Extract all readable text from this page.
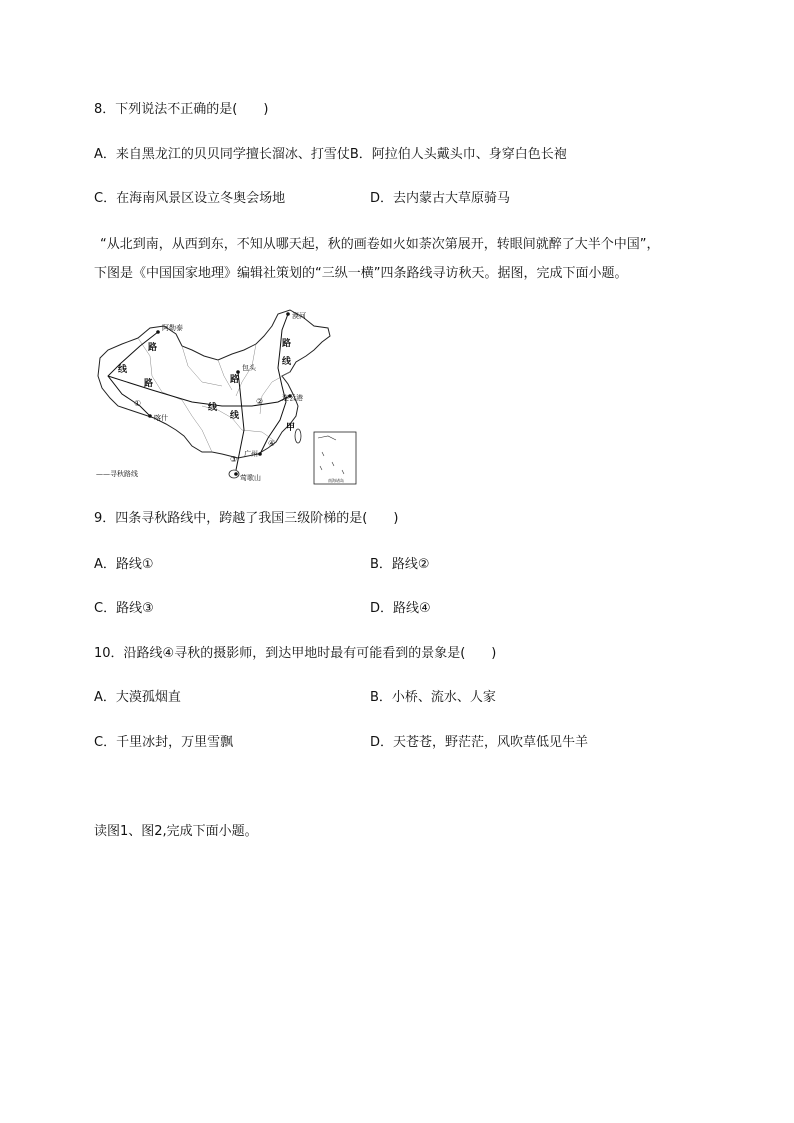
8．下列说法不正确的是(　　)
A．来自黑龙江的贝贝同学擅长溜冰、打雪仗B．阿拉伯人头戴头巾、身穿白色长袍
C．在海南风景区设立冬奥会场地	D．去内蒙古大草原骑马
“从北到南，从西到东，不知从哪天起，秋的画卷如火如荼次第展开，转眼间就醉了大半个中国”，
下图是《中国国家地理》编辑社策划的“三纵一横”四条路线寻访秋天。据图，完成下面小题。
阿勒泰
喀什
包头
连云港
广州
莺歌山
漠河
甲
路
线
路	路
线
线
路
线
①	②
③
④
——寻秋路线
南海诸岛
9．四条寻秋路线中，跨越了我国三级阶梯的是(　　)
A．路线①	B．路线②
C．路线③	D．路线④
10．沿路线④寻秋的摄影师，到达甲地时最有可能看到的景象是(　　)
A．大漠孤烟直	B．小桥、流水、人家
C．千里冰封，万里雪飘	D．天苍苍，野茫茫，风吹草低见牛羊
读图1、图2,完成下面小题。
